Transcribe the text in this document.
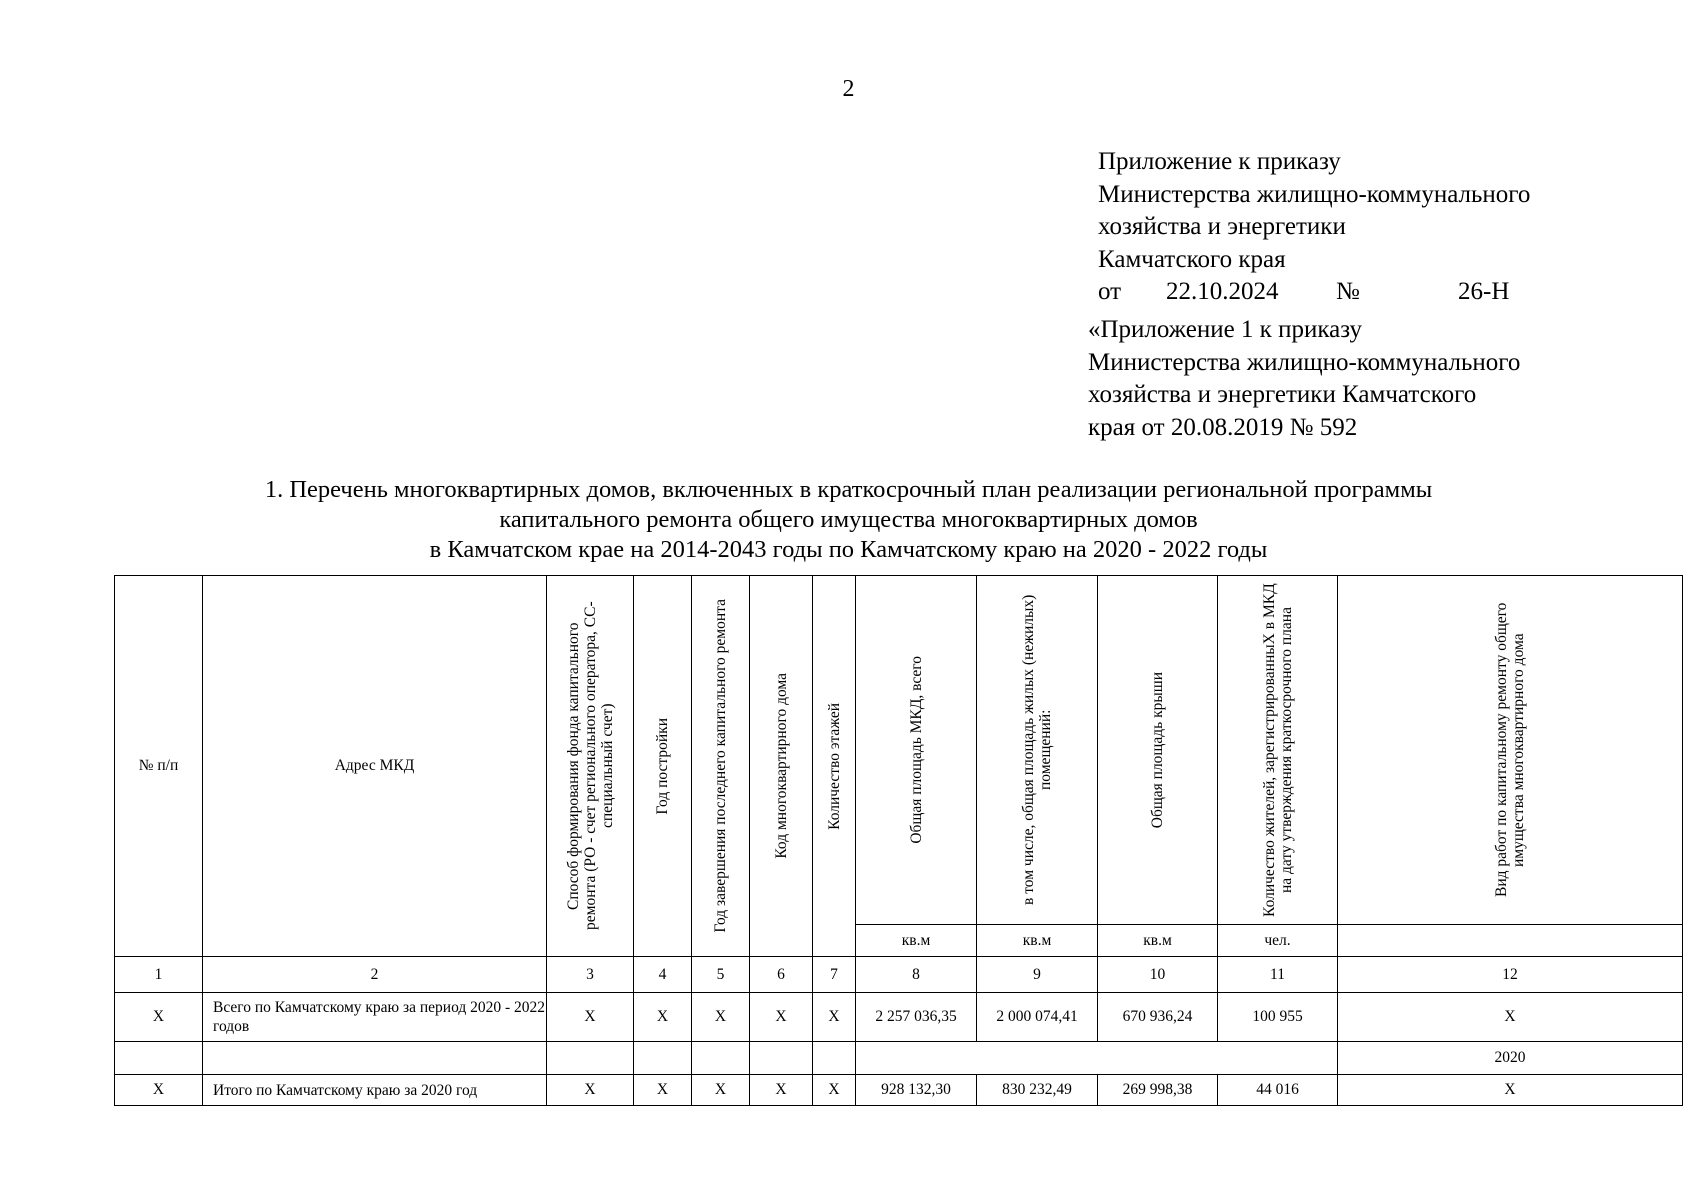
2
Приложение к приказу
Министерства жилищно-коммунального
хозяйства и энергетики
Камчатского края
от 22.10.2024 №	26-Н
«Приложение 1 к приказу
Министерства жилищно-коммунального
хозяйства и энергетики Камчатского
края от 20.08.2019 № 592
1. Перечень многоквартирных домов, включенных в краткосрочный план реализации региональной программы
капитального ремонта общего имущества многоквартирных домов
в Камчатском крае на 2014-2043 годы по Камчатскому краю на 2020 - 2022 годы
№ п/п	Адрес МКД	Способ формирования фонда капитального ремонта (РО - счет регионального оператора, СС- специальный счет)	Год постройки	Год завершения последнего капитального ремонта	Код многоквартирного дома	Количество этажей	Общая площадь МКД, всего	в том числе, общая площадь жилых (нежилых) помещений:	Общая площадь крыши	Количество жителей, зарегистрированныХ в МКД на дату утверждения краткосрочного плана	Вид работ по капитальному ремонту общего имущества многоквартирного дома

							кв.м	кв.м	кв.м	чел.	
1	2	3	4	5	6	7	8	9	10	11	12
Х	Всего по Камчатскому краю за период 2020 - 2022 годов	Х	Х	Х	Х	Х	2 257 036,35	2 000 074,41	670 936,24	100 955	Х
											2020
Х	Итого по Камчатскому краю за 2020 год	Х	Х	Х	Х	Х	928 132,30	830 232,49	269 998,38	44 016	Х
